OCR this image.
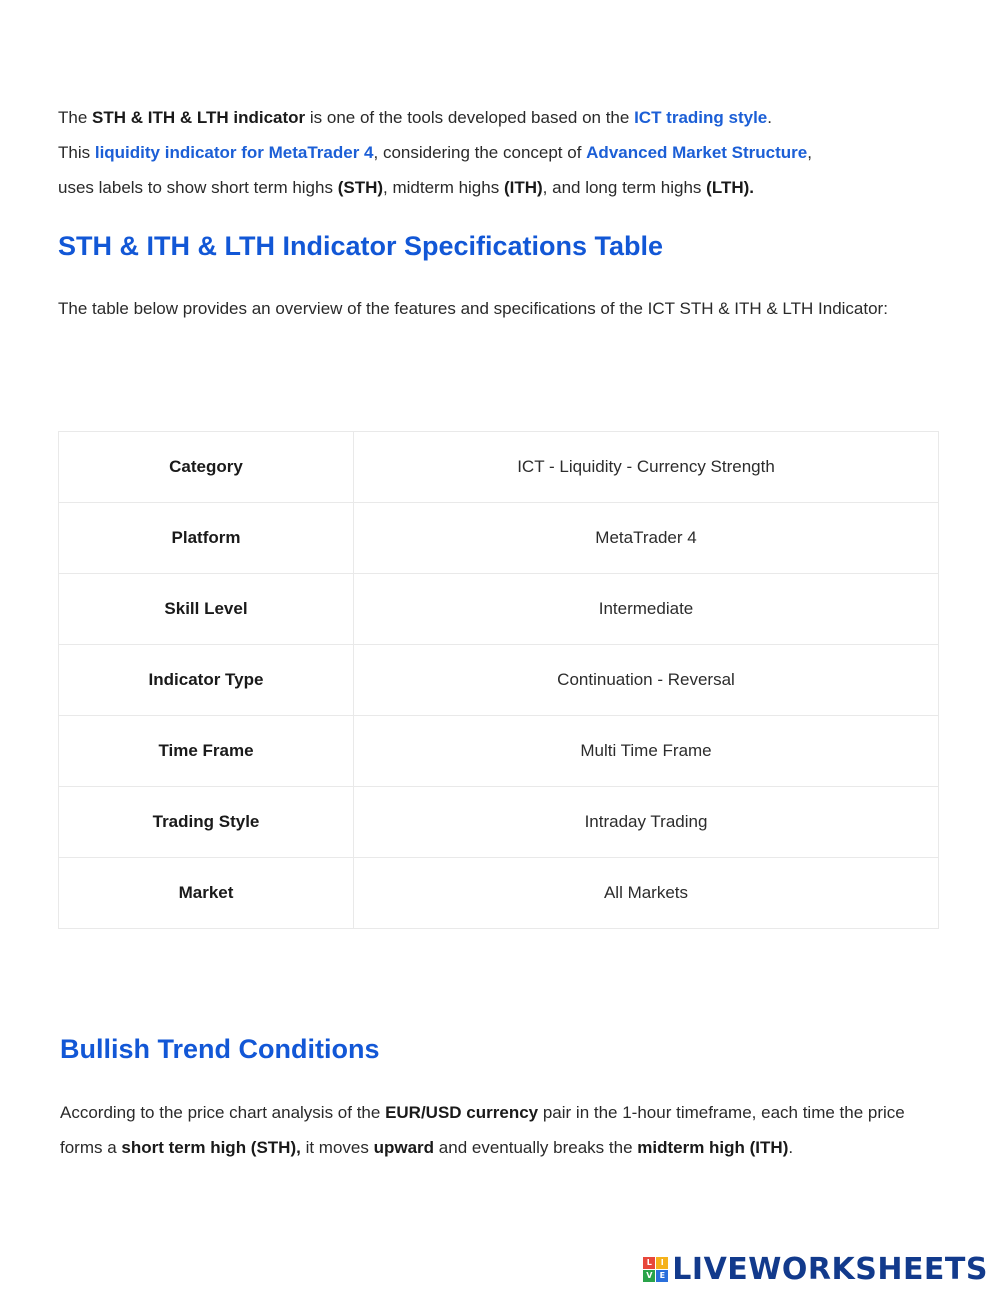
The STH & ITH & LTH indicator is one of the tools developed based on the ICT trading style.
This liquidity indicator for MetaTrader 4, considering the concept of Advanced Market Structure,
uses labels to show short term highs (STH), midterm highs (ITH), and long term highs (LTH).

STH & ITH & LTH Indicator Specifications Table

The table below provides an overview of the features and specifications of the ICT STH & ITH & LTH Indicator:

Category	ICT - Liquidity - Currency Strength
Platform	MetaTrader 4
Skill Level	Intermediate
Indicator Type	Continuation - Reversal
Time Frame	Multi Time Frame
Trading Style	Intraday Trading
Market	All Markets
Bullish Trend Conditions

According to the price chart analysis of the EUR/USD currency pair in the 1-hour timeframe, each time the price forms a short term high (STH), it moves upward and eventually breaks the midterm high (ITH).

L	I
V E LIVEWORKSHEETS
